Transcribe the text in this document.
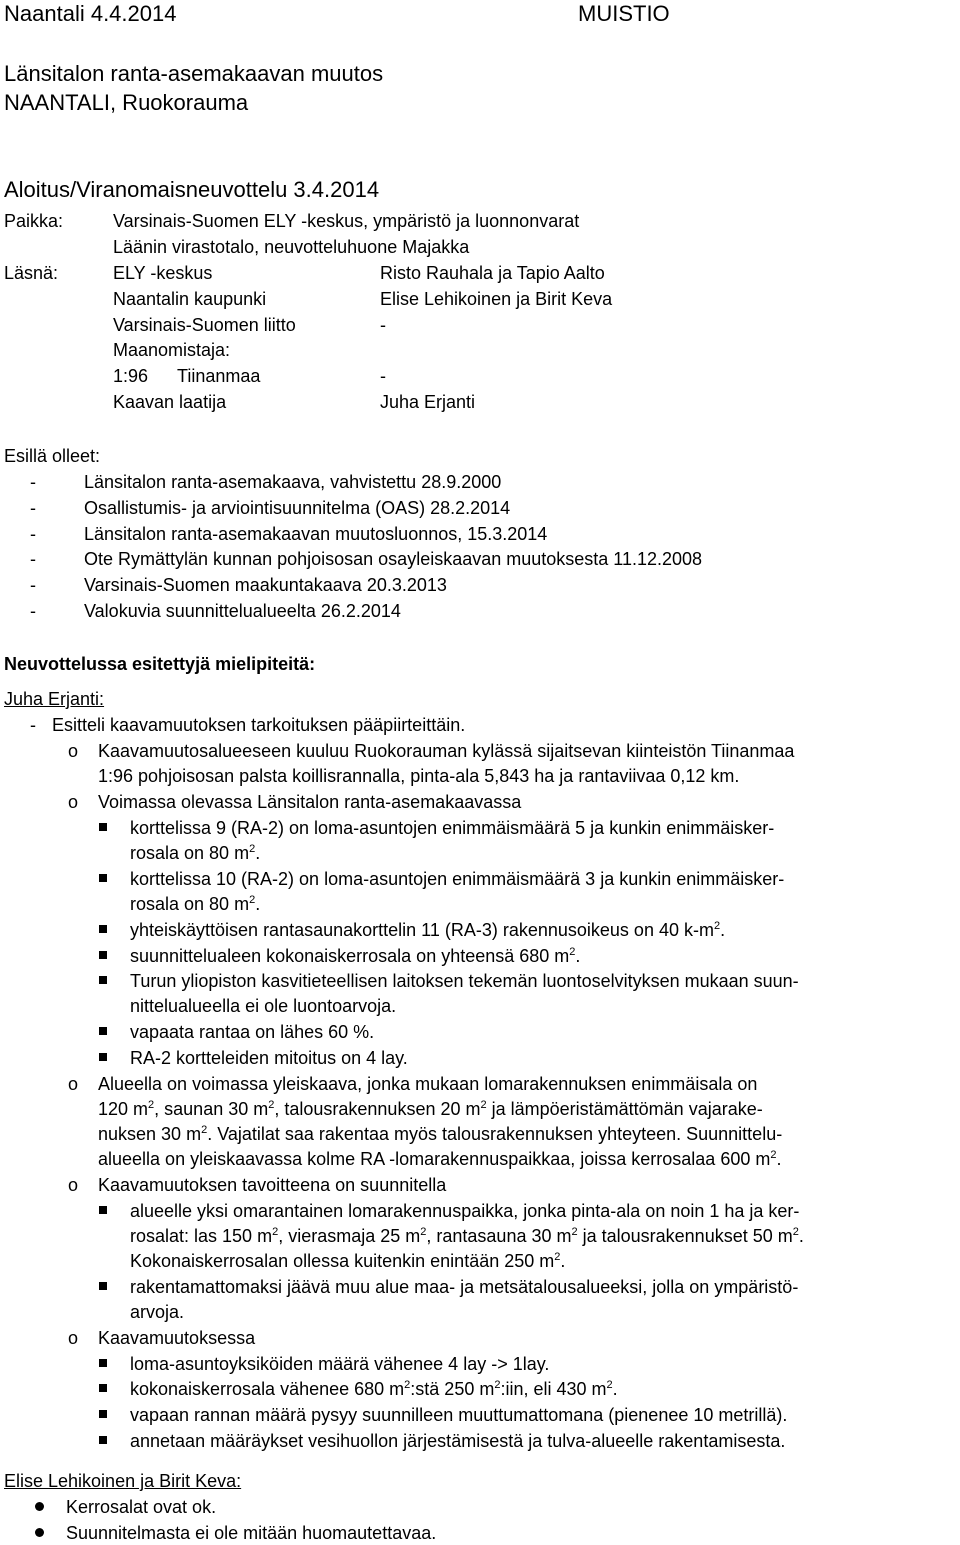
Naantali 4.4.2014	MUISTIO
Länsitalon ranta-asemakaavan muutos
NAANTALI, Ruokorauma
Aloitus/Viranomaisneuvottelu 3.4.2014
Paikka:	Varsinais-Suomen ELY -keskus, ympäristö ja luonnonvarat
Läänin virastotalo, neuvotteluhuone Majakka
Läsnä:	ELY -keskus	Risto Rauhala ja Tapio Aalto
Naantalin kaupunki	Elise Lehikoinen ja Birit Keva
Varsinais-Suomen liitto	-
Maanomistaja:
1:96 Tiinanmaa	-
Kaavan laatija	Juha Erjanti
Esillä olleet:
-	Länsitalon ranta-asemakaava, vahvistettu 28.9.2000
-	Osallistumis- ja arviointisuunnitelma (OAS) 28.2.2014
-	Länsitalon ranta-asemakaavan muutosluonnos, 15.3.2014
-	Ote Rymättylän kunnan pohjoisosan osayleiskaavan muutoksesta 11.12.2008
-	Varsinais-Suomen maakuntakaava 20.3.2013
-	Valokuvia suunnittelualueelta 26.2.2014
Neuvottelussa esitettyjä mielipiteitä:
Juha Erjanti:
- Esitteli kaavamuutoksen tarkoituksen pääpiirteittäin.
o Kaavamuutosalueeseen kuuluu Ruokorauman kylässä sijaitsevan kiinteistön Tiinanmaa
1:96 pohjoisosan palsta koillisrannalla, pinta-ala 5,843 ha ja rantaviivaa 0,12 km.
o Voimassa olevassa Länsitalon ranta-asemakaavassa
korttelissa 9 (RA-2) on loma-asuntojen enimmäismäärä 5 ja kunkin enimmäisker-
rosala on 80 $m^2$.
korttelissa 10 (RA-2) on loma-asuntojen enimmäismäärä 3 ja kunkin enimmäisker-
rosala on 80 $m^2$.
yhteiskäyttöisen rantasaunakorttelin 11 (RA-3) rakennusoikeus on 40 $k-m^2$.
suunnittelualeen kokonaiskerrosala on yhteensä 680 $m^2$.
Turun yliopiston kasvitieteellisen laitoksen tekemän luontoselvityksen mukaan suun-
nittelualueella ei ole luontoarvoja.
vapaata rantaa on lähes 60 %.
RA-2 kortteleiden mitoitus on 4 lay.
o Alueella on voimassa yleiskaava, jonka mukaan lomarakennuksen enimmäisala on
120 $m^2$, saunan 30 $m^2$, talousrakennuksen 20 $m^2$ ja lämpöeristämättömän vajarake-
nuksen 30 $m^2$. Vajatilat saa rakentaa myös talousrakennuksen yhteyteen. Suunnittelu-
alueella on yleiskaavassa kolme RA -lomarakennuspaikkaa, joissa kerrosalaa 600 $m^2$.
o Kaavamuutoksen tavoitteena on suunnitella
alueelle yksi omarantainen lomarakennuspaikka, jonka pinta-ala on noin 1 ha ja ker-
rosalat: las 150 $m^2$, vierasmaja 25 $m^2$, rantasauna 30 $m^2$ ja talousrakennukset 50 $m^2$.
Kokonaiskerrosalan ollessa kuitenkin enintään 250 $m^2$.
rakentamattomaksi jäävä muu alue maa- ja metsätalousalueeksi, jolla on ympäristö-
arvoja.
o Kaavamuutoksessa
loma-asuntoyksiköiden määrä vähenee 4 lay -> 1lay.
kokonaiskerrosala vähenee 680 $m^2:stä$ 250 $m^2:iin$, eli 430 $m^2$.
vapaan rannan määrä pysyy suunnilleen muuttumattomana (pienenee 10 metrillä).
annetaan määräykset vesihuollon järjestämisestä ja tulva-alueelle rakentamisesta.
Elise Lehikoinen ja Birit Keva:
Kerrosalat ovat ok.
Suunnitelmasta ei ole mitään huomautettavaa.
